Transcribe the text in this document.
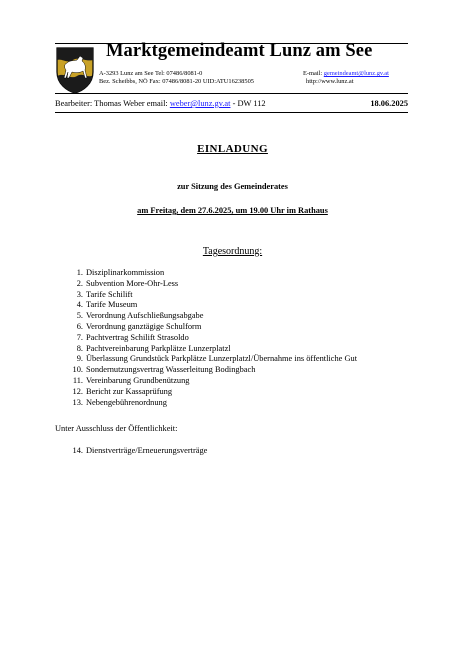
Marktgemeindeamt Lunz am See
A-3293 Lunz am See Tel: 07486/8081-0
Bez. Scheibbs, NÖ Fax: 07486/8081-20 UID:ATU16238505
E-mail: gemeindeamt@lunz.gv.at
http://www.lunz.at
Bearbeiter: Thomas Weber email: weber@lunz.gv.at - DW 112	18.06.2025
EINLADUNG
zur Sitzung des Gemeinderates
am Freitag, dem 27.6.2025, um 19.00 Uhr im Rathaus
Tagesordnung:
1. Disziplinarkommission
2. Subvention More-Ohr-Less
3. Tarife Schilift
4. Tarife Museum
5. Verordnung Aufschließungsabgabe
6. Verordnung ganztägige Schulform
7. Pachtvertrag Schilift Strasoldo
8. Pachtvereinbarung Parkplätze Lunzerplatzl
9. Überlassung Grundstück Parkplätze Lunzerplatzl/Übernahme ins öffentliche Gut
10. Sondernutzungsvertrag Wasserleitung Bodingbach
11. Vereinbarung Grundbenützung
12. Bericht zur Kassaprüfung
13. Nebengebührenordnung
Unter Ausschluss der Öffentlichkeit:
14. Dienstverträge/Erneuerungsverträge
